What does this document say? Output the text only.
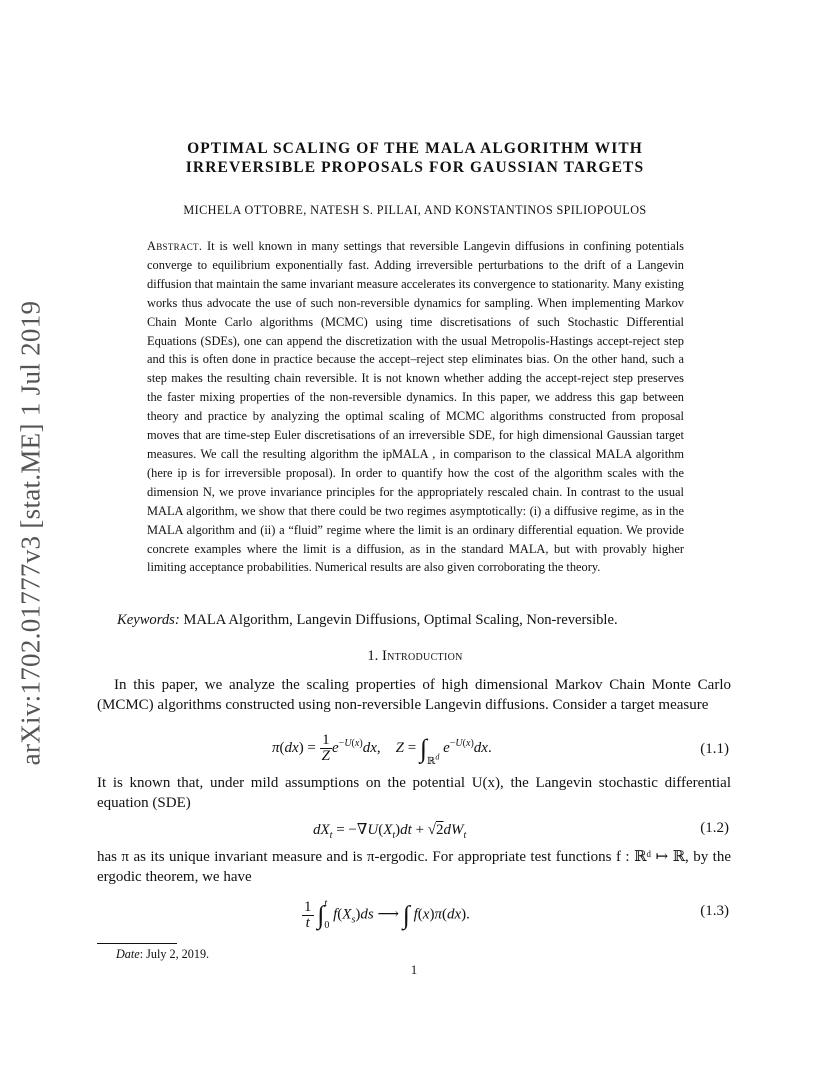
arXiv:1702.01777v3 [stat.ME] 1 Jul 2019
OPTIMAL SCALING OF THE MALA ALGORITHM WITH
IRREVERSIBLE PROPOSALS FOR GAUSSIAN TARGETS
MICHELA OTTOBRE, NATESH S. PILLAI, AND KONSTANTINOS SPILIOPOULOS
Abstract. It is well known in many settings that reversible Langevin diffusions in confining potentials converge to equilibrium exponentially fast. Adding irreversible perturbations to the drift of a Langevin diffusion that maintain the same invariant measure accelerates its convergence to stationarity. Many existing works thus advocate the use of such non-reversible dynamics for sampling. When implementing Markov Chain Monte Carlo algorithms (MCMC) using time discretisations of such Stochastic Differential Equations (SDEs), one can append the discretization with the usual Metropolis-Hastings accept-reject step and this is often done in practice because the accept–reject step eliminates bias. On the other hand, such a step makes the resulting chain reversible. It is not known whether adding the accept-reject step preserves the faster mixing properties of the non-reversible dynamics. In this paper, we address this gap between theory and practice by analyzing the optimal scaling of MCMC algorithms constructed from proposal moves that are time-step Euler discretisations of an irreversible SDE, for high dimensional Gaussian target measures. We call the resulting algorithm the ipMALA , in comparison to the classical MALA algorithm (here ip is for irreversible proposal). In order to quantify how the cost of the algorithm scales with the dimension N, we prove invariance principles for the appropriately rescaled chain. In contrast to the usual MALA algorithm, we show that there could be two regimes asymptotically: (i) a diffusive regime, as in the MALA algorithm and (ii) a “fluid” regime where the limit is an ordinary differential equation. We provide concrete examples where the limit is a diffusion, as in the standard MALA, but with provably higher limiting acceptance probabilities. Numerical results are also given corroborating the theory.
Keywords: MALA Algorithm, Langevin Diffusions, Optimal Scaling, Non-reversible.
1. Introduction
In this paper, we analyze the scaling properties of high dimensional Markov Chain Monte Carlo (MCMC) algorithms constructed using non-reversible Langevin diffusions. Consider a target measure
$\pi(dx) = \frac{1}{Z} e^{-U(x)}dx$,    $Z = \int_{ℝ^d}$ $e^{-U(x)}dx$.	(1.1)
It is known that, under mild assumptions on the potential U(x), the Langevin stochastic differential equation (SDE)
$dX_t = -\nabla U(X_t)dt + √2dW_t$	(1.2)
has π as its unique invariant measure and is π-ergodic. For appropriate test functions f : ℝᵈ ↦ ℝ, by the ergodic theorem, we have
$\frac{1}{t} \int t$
0 $f(X_s)ds$ ⟶ ∫ f(x)π(dx).	(1.3)
Date: July 2, 2019.
1
